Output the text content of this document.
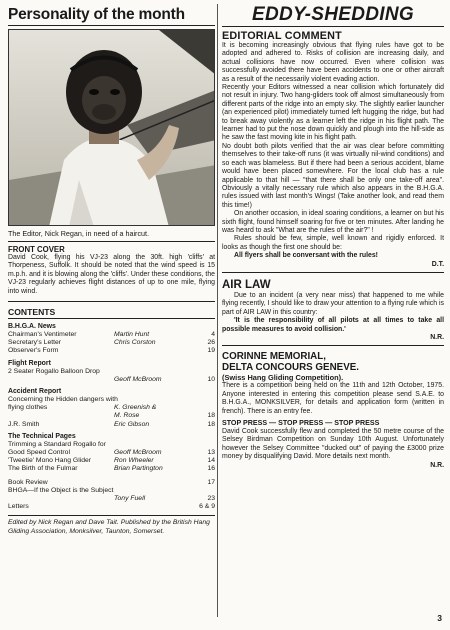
Personality of the month
The Editor, Nick Regan, in need of a haircut.
FRONT COVER
David Cook, flying his VJ-23 along the 30ft. high 'cliffs' at Thorpeness, Suffolk. It should be noted that the wind speed is 15 m.p.h. and it is blowing along the 'cliffs'. Under these conditions, the VJ-23 regularly achieves flight distances of up to one mile, flying into wind.
CONTENTS
B.H.G.A. News
Chairman's Ventimeter	Martin Hunt	4
Secretary's Letter	Chris Corston	26
Observer's Form	19
Flight Report
2 Seater Rogallo Balloon Drop
Geoff McBroom	10
Accident Report
Concerning the Hidden dangers with
flying clothes	K. Greenish &
M. Rose	18
J.R. Smith	Eric Gibson	18
The Technical Pages
Trimming a Standard Rogallo for
Good Speed Control	Geoff McBroom	13
'Tweetie' Mono Hang Glider	Ron Wheeler	14
The Birth of the Fulmar	Brian Partington	16
Book Review	17
BHGA—If the Object is the Subject
Tony Fuell	23
Letters	6 & 9
Edited by Nick Regan and Dave Tait. Published by the British Hang Gliding Association, Monksilver, Taunton, Somerset.
EDDY-SHEDDING
EDITORIAL COMMENT

It is becoming increasingly obvious that flying rules have got to be adopted and adhered to. Risks of collision are increasing daily, and actual collisions have now occurred. Even where collision was successfully avoided there have been accidents to one or other aircraft as a result of the necessarily violent evading action.

Recently your Editors witnessed a near collision which fortunately did not result in injury. Two hang-gliders took off almost simultaneously from different parts of the ridge into an empty sky. The slightly earlier launcher (an experienced pilot) immediately turned left hugging the ridge, but had to break away violently as a learner left the ridge in his flight path. The learner had to put the nose down quickly and plough into the hill-side as he saw the fast moving kite in his flight path.

No doubt both pilots verified that the air was clear before committing themselves to their take-off runs (it was virtually nil-wind conditions) and so each was blameless. But if there had been a serious accident, blame would have been placed somewhere. For the local club has a rule applicable to that hill — "that there shall be only one take-off area". Obviously a vitally necessary rule which also appears in the B.H.G.A. rules issued with last month's Wings! (Take another look, and read them this time!)

On another occasion, in ideal soaring conditions, a learner on but his sixth flight, found himself soaring for five or ten minutes. After landing he was heard to ask "What are the rules of the air?" !

Rules should be few, simple, well known and rigidly enforced. It looks as though the first one should be:

All flyers shall be conversant with the rules!

D.T.
AIR LAW

Due to an incident (a very near miss) that happened to me while flying recently, I should like to draw your attention to a flying rule which is part of AIR LAW in this country:

'It is the responsibility of all pilots at all times to take all possible measures to avoid collision.'

N.R.
CORINNE MEMORIAL,
DELTA CONCOURS GENEVE.
(Swiss Hang Gliding Competition).
There is a competition being held on the 11th and 12th October, 1975. Anyone interested in entering this competition please send S.A.E. to B.H.G.A., MONKSILVER, for details and application form (written in french). There is an entry fee.
STOP PRESS — STOP PRESS — STOP PRESS
David Cook successfully flew and completed the 50 metre course of the Selsey Birdman Competition on Sunday 10th August. Unfortunately however the Selsey Committee "ducked out" of paying the £3000 prize money by disqualifying David. More details next month.
N.R.
3
